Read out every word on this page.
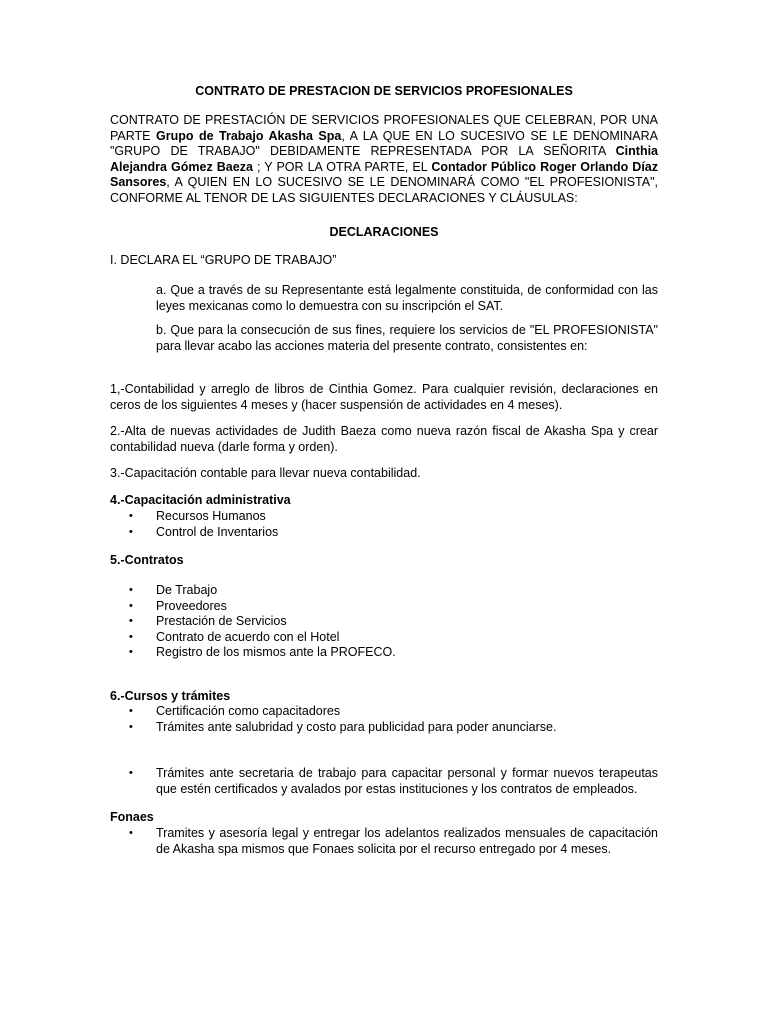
CONTRATO DE PRESTACION DE SERVICIOS PROFESIONALES
CONTRATO DE PRESTACIÓN DE SERVICIOS PROFESIONALES QUE CELEBRAN, POR UNA PARTE Grupo de Trabajo Akasha Spa, A LA QUE EN LO SUCESIVO SE LE DENOMINARA "GRUPO DE TRABAJO" DEBIDAMENTE REPRESENTADA POR LA SEÑORITA Cinthia Alejandra Gómez Baeza ; Y POR LA OTRA PARTE, EL Contador Público Roger Orlando Díaz Sansores, A QUIEN EN LO SUCESIVO SE LE DENOMINARÁ COMO "EL PROFESIONISTA", CONFORME AL TENOR DE LAS SIGUIENTES DECLARACIONES Y CLÁUSULAS:
DECLARACIONES
I. DECLARA EL “GRUPO DE TRABAJO”
a. Que a través de su Representante está legalmente constituida, de conformidad con las leyes mexicanas como lo demuestra con su inscripción el SAT.
b. Que para la consecución de sus fines, requiere los servicios de "EL PROFESIONISTA" para llevar acabo las acciones materia del presente contrato, consistentes en:
1,-Contabilidad y arreglo de libros de Cinthia Gomez. Para cualquier revisión, declaraciones en ceros de los siguientes 4 meses y (hacer suspensión de actividades en 4 meses).
2.-Alta de nuevas actividades de Judith Baeza como nueva razón fiscal de Akasha Spa y crear contabilidad nueva (darle forma y orden).
3.-Capacitación contable para llevar nueva contabilidad.
4.-Capacitación administrativa
• Recursos Humanos
• Control de Inventarios
5.-Contratos
• De Trabajo
• Proveedores
• Prestación de Servicios
• Contrato de acuerdo con el Hotel
• Registro de los mismos ante la PROFECO.
6.-Cursos y trámites
• Certificación como capacitadores
• Trámites ante salubridad y costo para publicidad para poder anunciarse.
• Trámites ante secretaria de trabajo para capacitar personal y formar nuevos terapeutas que estén certificados y avalados por estas instituciones y los contratos de empleados.
Fonaes
• Tramites y asesoría legal y entregar los adelantos realizados mensuales de capacitación de Akasha spa mismos que Fonaes solicita por el recurso entregado por 4 meses.
